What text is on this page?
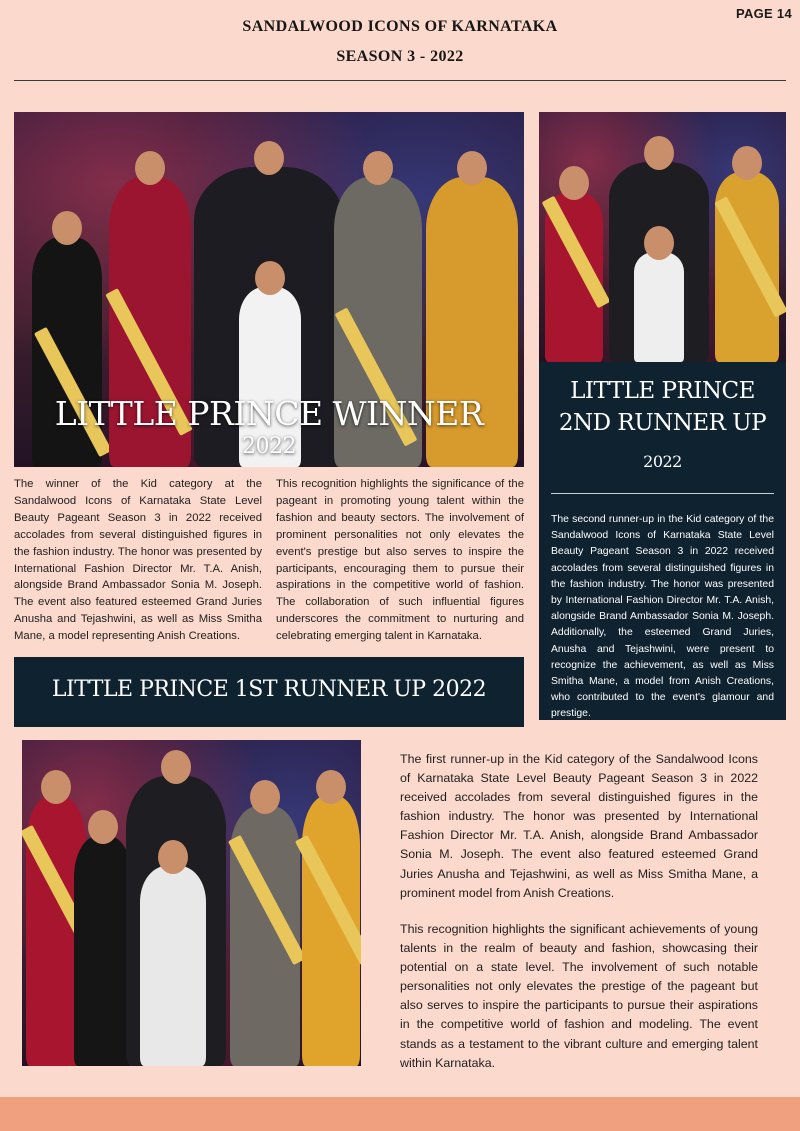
PAGE 14
SANDALWOOD ICONS OF KARNATAKA
SEASON 3 - 2022
LITTLE PRINCE WINNER
2022
The winner of the Kid category at the Sandalwood Icons of Karnataka State Level Beauty Pageant Season 3 in 2022 received accolades from several distinguished figures in the fashion industry. The honor was presented by International Fashion Director Mr. T.A. Anish, alongside Brand Ambassador Sonia M. Joseph. The event also featured esteemed Grand Juries Anusha and Tejashwini, as well as Miss Smitha Mane, a model representing Anish Creations.
This recognition highlights the significance of the pageant in promoting young talent within the fashion and beauty sectors. The involvement of prominent personalities not only elevates the event's prestige but also serves to inspire the participants, encouraging them to pursue their aspirations in the competitive world of fashion. The collaboration of such influential figures underscores the commitment to nurturing and celebrating emerging talent in Karnataka.
LITTLE PRINCE
2ND RUNNER UP
2022
The second runner-up in the Kid category of the Sandalwood Icons of Karnataka State Level Beauty Pageant Season 3 in 2022 received accolades from several distinguished figures in the fashion industry. The honor was presented by International Fashion Director Mr. T.A. Anish, alongside Brand Ambassador Sonia M. Joseph. Additionally, the esteemed Grand Juries, Anusha and Tejashwini, were present to recognize the achievement, as well as Miss Smitha Mane, a model from Anish Creations, who contributed to the event's glamour and prestige.
LITTLE PRINCE 1ST RUNNER UP 2022
The first runner-up in the Kid category of the Sandalwood Icons of Karnataka State Level Beauty Pageant Season 3 in 2022 received accolades from several distinguished figures in the fashion industry. The honor was presented by International Fashion Director Mr. T.A. Anish, alongside Brand Ambassador Sonia M. Joseph. The event also featured esteemed Grand Juries Anusha and Tejashwini, as well as Miss Smitha Mane, a prominent model from Anish Creations.
This recognition highlights the significant achievements of young talents in the realm of beauty and fashion, showcasing their potential on a state level. The involvement of such notable personalities not only elevates the prestige of the pageant but also serves to inspire the participants to pursue their aspirations in the competitive world of fashion and modeling. The event stands as a testament to the vibrant culture and emerging talent within Karnataka.
